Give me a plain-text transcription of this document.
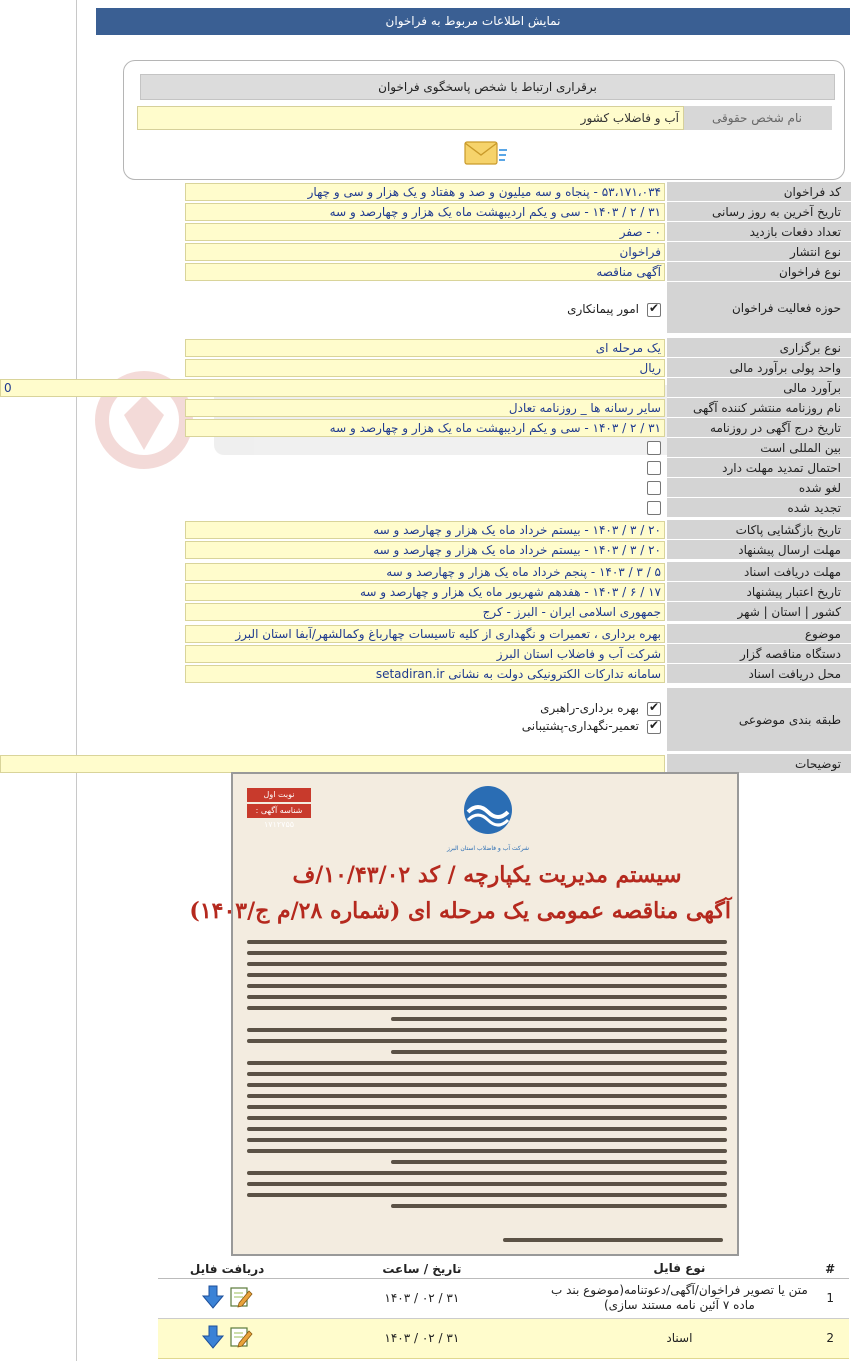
نمایش اطلاعات مربوط به فراخوان
برقراری ارتباط با شخص پاسخگوی فراخوان
نام شخص حقوقی
آب و فاضلاب کشور
کد فراخوان
۵۳،۱۷۱،۰۳۴ - پنجاه و سه میلیون و صد و هفتاد و یک هزار و سی و چهار
تاریخ آخرین به روز رسانی
۳۱ / ۲ / ۱۴۰۳ - سی و یکم اردیبهشت ماه یک هزار و چهارصد و سه
تعداد دفعات بازدید
۰ - صفر
نوع انتشار
فراخوان
نوع فراخوان
آگهی مناقصه
حوزه فعالیت فراخوان
✔
امور پیمانکاری
نوع برگزاری
یک مرحله ای
واحد پولی برآورد مالی
ریال
برآورد مالی
0
نام روزنامه منتشر کننده آگهی
سایر رسانه ها _ روزنامه تعادل
تاریخ درج آگهی در روزنامه
۳۱ / ۲ / ۱۴۰۳ - سی و یکم اردیبهشت ماه یک هزار و چهارصد و سه
بین المللی است
احتمال تمدید مهلت دارد
لغو شده
تجدید شده
تاریخ بازگشایی پاکات
۲۰ / ۳ / ۱۴۰۳ - بیستم خرداد ماه یک هزار و چهارصد و سه
مهلت ارسال پیشنهاد
۲۰ / ۳ / ۱۴۰۳ - بیستم خرداد ماه یک هزار و چهارصد و سه
مهلت دریافت اسناد
۵ / ۳ / ۱۴۰۳ - پنجم خرداد ماه یک هزار و چهارصد و سه
تاریخ اعتبار پیشنهاد
۱۷ / ۶ / ۱۴۰۳ - هفدهم شهریور ماه یک هزار و چهارصد و سه
کشور | استان | شهر
جمهوری اسلامی ایران - البرز - کرج
موضوع
بهره برداری ، تعمیرات و نگهداری از کلیه تاسیسات چهارباغ وکمالشهر/آبفا استان البرز
دستگاه مناقصه گزار
شرکت آب و فاضلاب استان البرز
محل دریافت اسناد
سامانه تدارکات الکترونیکی دولت به نشانی setadiran.ir
طبقه بندی موضوعی
✔
بهره برداری-راهبری
✔
تعمیر-نگهداری-پشتیبانی
توضیحات
نوبت اول
شناسه آگهی : ۱۷۱۲۷۵۵
شرکت آب و فاضلاب استان البرز
سیستم مدیریت یکپارچه / کد ۱۰/۴۳/۰۲/ف
آگهی مناقصه عمومی یک مرحله ای (شماره ۲۸/م ج/۱۴۰۳)
#	نوع فایل	تاریخ / ساعت	دریافت فایل
1	متن یا تصویر فراخوان/آگهی/دعوتنامه(موضوع بند ب ماده ۷ آئین نامه مستند سازی)	۱۴۰۳ / ۰۲ / ۳۱	

2	اسناد	۱۴۰۳ / ۰۲ / ۳۱	
